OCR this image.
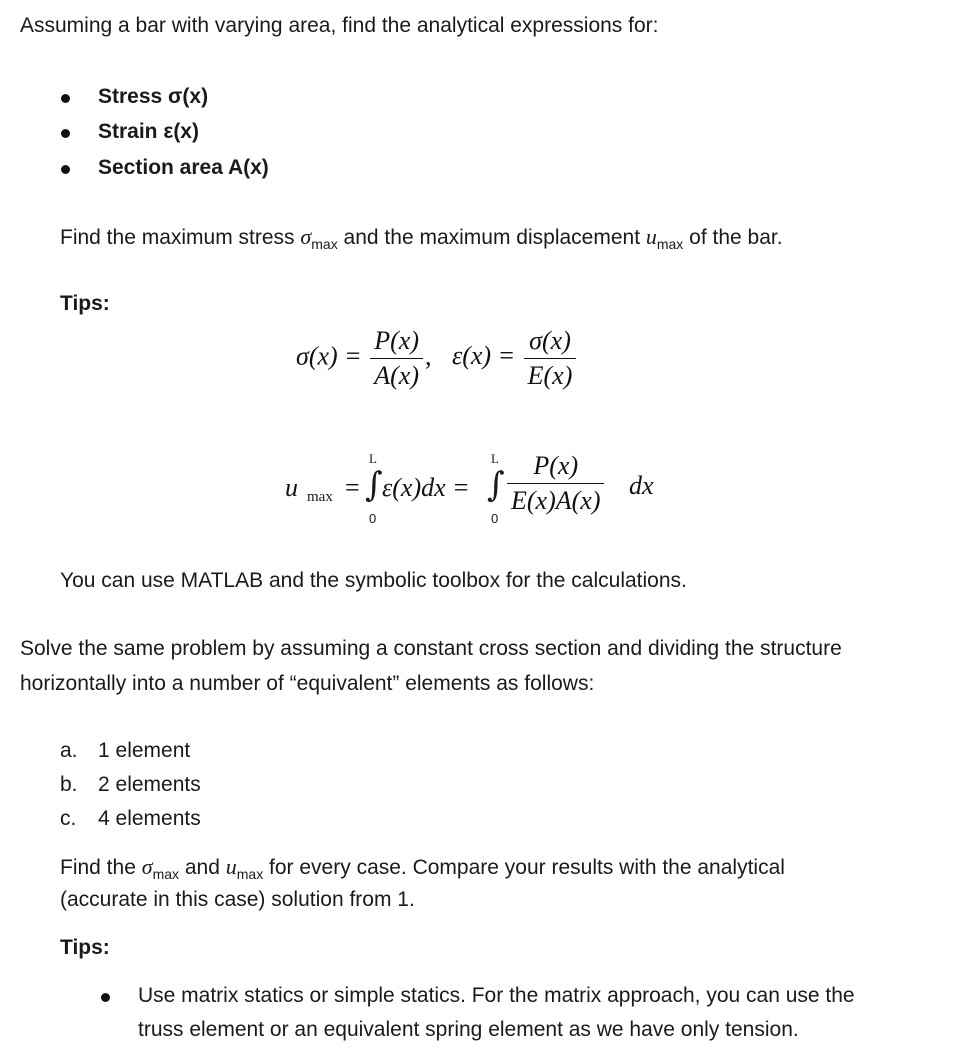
Assuming a bar with varying area, find the analytical expressions for:
Stress σ(x)
Strain ε(x)
Section area A(x)
Find the maximum stress $\sigma_{max}$ and the maximum displacement $u_{max}$ of the bar.
Tips:
$\sigma(x) = \frac{P(x)}{A(x)}$ , $\varepsilon(x) = \frac{\sigma(x)}{E(x)}$
u max =
L
∫
0
ε(x)dx =
L
∫
0
$\frac{P(x)}{E(x)A(x)}$ dx
You can use MATLAB and the symbolic toolbox for the calculations.
Solve the same problem by assuming a constant cross section and dividing the structure
horizontally into a number of “equivalent” elements as follows:
a. 1 element
b. 2 elements
c. 4 elements
Find the $\sigma_{max}$ and $u_{max}$ for every case. Compare your results with the analytical
(accurate in this case) solution from 1.
Tips:
Use matrix statics or simple statics. For the matrix approach, you can use the
truss element or an equivalent spring element as we have only tension.
